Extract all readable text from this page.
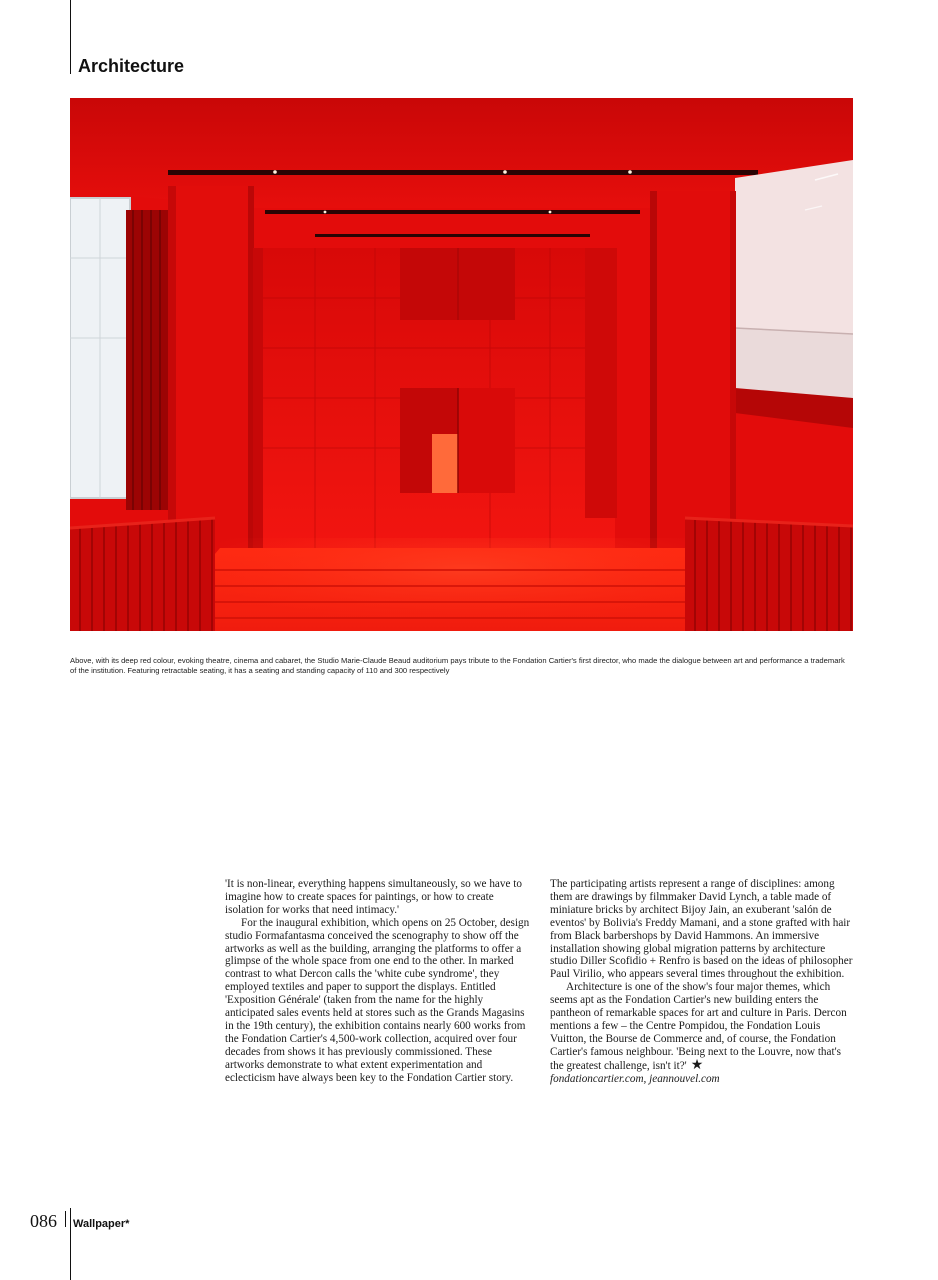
Architecture

Above, with its deep red colour, evoking theatre, cinema and cabaret, the Studio Marie-Claude Beaud auditorium pays tribute to the Fondation Cartier's first director, who made the dialogue between art and performance a trademark of the institution. Featuring retractable seating, it has a seating and standing capacity of 110 and 300 respectively

'It is non-linear, everything happens simultaneously, so we have to imagine how to create spaces for paintings, or how to create isolation for works that need intimacy.'

For the inaugural exhibition, which opens on 25 October, design studio Formafantasma conceived the scenography to show off the artworks as well as the building, arranging the platforms to offer a glimpse of the whole space from one end to the other. In marked contrast to what Dercon calls the 'white cube syndrome', they employed textiles and paper to support the displays. Entitled 'Exposition Générale' (taken from the name for the highly anticipated sales events held at stores such as the Grands Magasins in the 19th century), the exhibition contains nearly 600 works from the Fondation Cartier's 4,500-work collection, acquired over four decades from shows it has previously commissioned. These artworks demonstrate to what extent experimentation and eclecticism have always been key to the Fondation Cartier story.

The participating artists represent a range of disciplines: among them are drawings by filmmaker David Lynch, a table made of miniature bricks by architect Bijoy Jain, an exuberant 'salón de eventos' by Bolivia's Freddy Mamani, and a stone grafted with hair from Black barbershops by David Hammons. An immersive installation showing global migration patterns by architecture studio Diller Scofidio + Renfro is based on the ideas of philosopher Paul Virilio, who appears several times throughout the exhibition.

Architecture is one of the show's four major themes, which seems apt as the Fondation Cartier's new building enters the pantheon of remarkable spaces for art and culture in Paris. Dercon mentions a few – the Centre Pompidou, the Fondation Louis Vuitton, the Bourse de Commerce and, of course, the Fondation Cartier's famous neighbour. 'Being next to the Louvre, now that's the greatest challenge, isn't it?' ★

fondationcartier.com, jeannouvel.com
086 Wallpaper*
